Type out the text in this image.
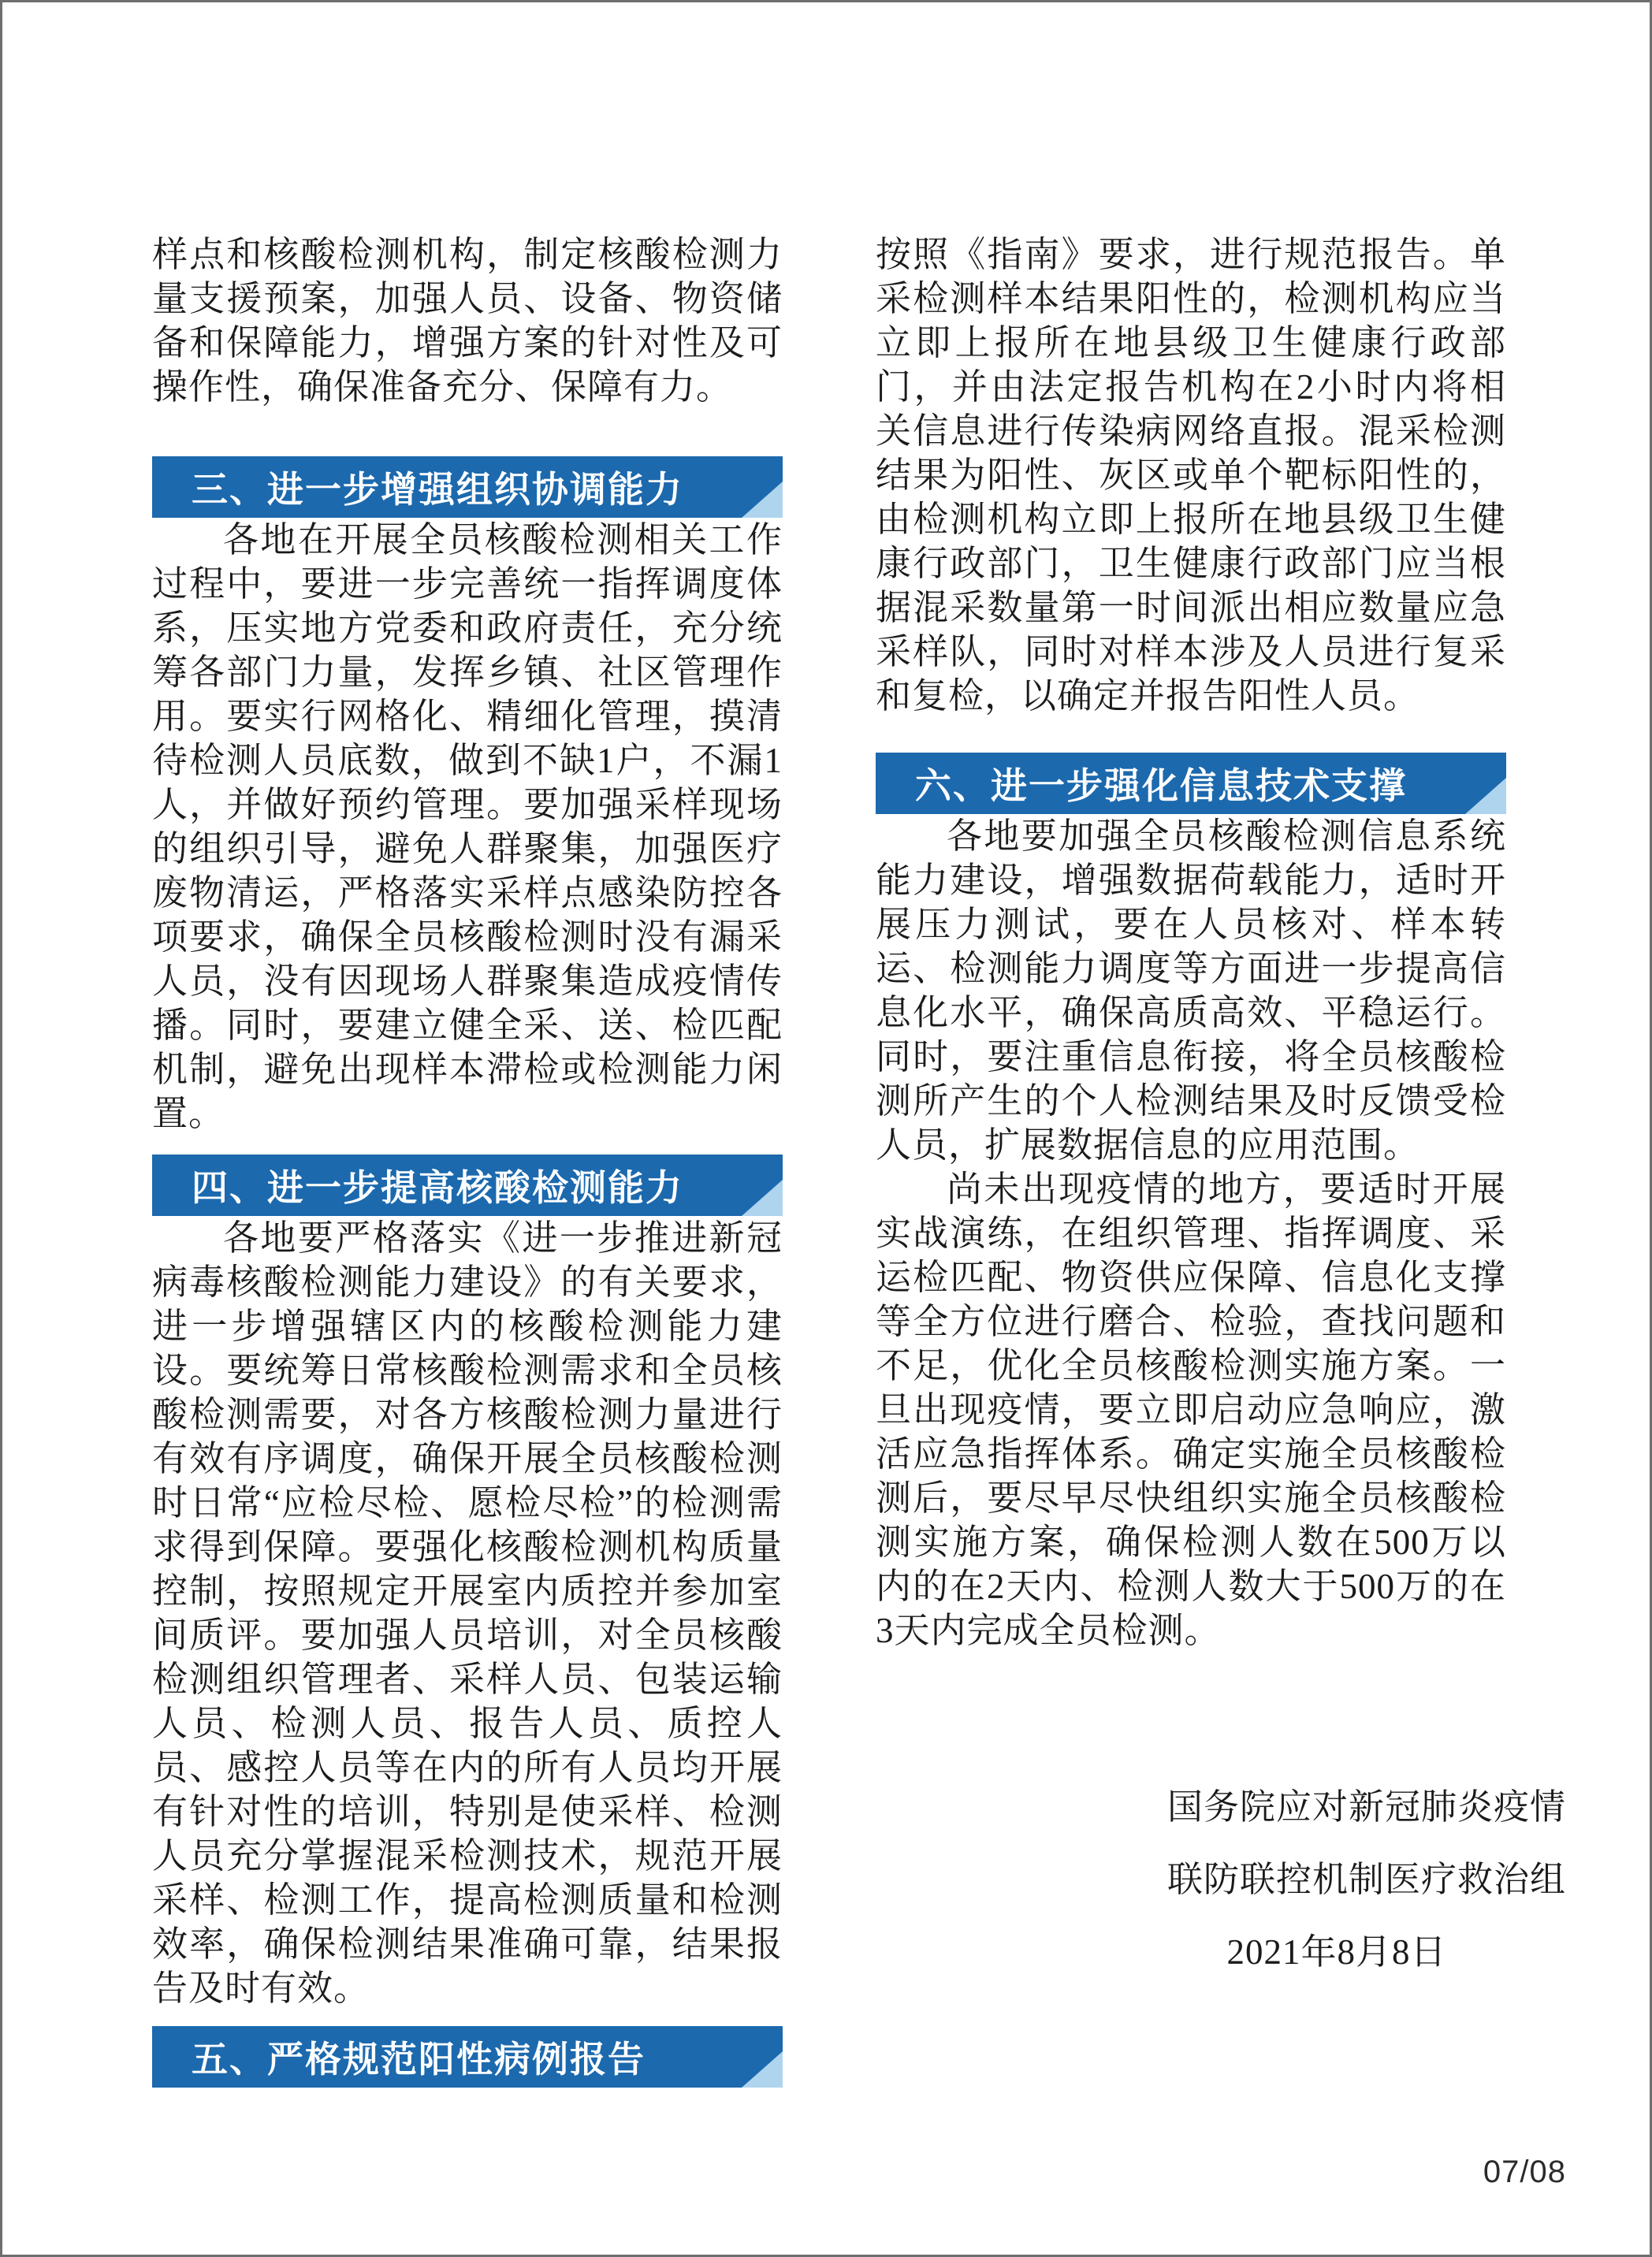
样点和核酸检测机构，制定核酸检测力量支援预案，加强人员、设备、物资储备和保障能力，增强方案的针对性及可操作性，确保准备充分、保障有力。

三、进一步增强组织协调能力

各地在开展全员核酸检测相关工作过程中，要进一步完善统一指挥调度体系，压实地方党委和政府责任，充分统筹各部门力量，发挥乡镇、社区管理作用。要实行网格化、精细化管理，摸清待检测人员底数，做到不缺1户，不漏1人，并做好预约管理。要加强采样现场的组织引导，避免人群聚集，加强医疗废物清运，严格落实采样点感染防控各项要求，确保全员核酸检测时没有漏采人员，没有因现场人群聚集造成疫情传播。同时，要建立健全采、送、检匹配机制，避免出现样本滞检或检测能力闲置。

四、进一步提高核酸检测能力

各地要严格落实《进一步推进新冠病毒核酸检测能力建设》的有关要求，进一步增强辖区内的核酸检测能力建设。要统筹日常核酸检测需求和全员核酸检测需要，对各方核酸检测力量进行有效有序调度，确保开展全员核酸检测时日常“应检尽检、愿检尽检”的检测需求得到保障。要强化核酸检测机构质量控制，按照规定开展室内质控并参加室间质评。要加强人员培训，对全员核酸检测组织管理者、采样人员、包装运输人员、检测人员、报告人员、质控人员、感控人员等在内的所有人员均开展有针对性的培训，特别是使采样、检测人员充分掌握混采检测技术，规范开展采样、检测工作，提高检测质量和检测效率，确保检测结果准确可靠，结果报告及时有效。

五、严格规范阳性病例报告

按照《指南》要求，进行规范报告。单采检测样本结果阳性的，检测机构应当立即上报所在地县级卫生健康行政部门，并由法定报告机构在2小时内将相关信息进行传染病网络直报。混采检测结果为阳性、灰区或单个靶标阳性的，由检测机构立即上报所在地县级卫生健康行政部门，卫生健康行政部门应当根据混采数量第一时间派出相应数量应急采样队，同时对样本涉及人员进行复采和复检，以确定并报告阳性人员。

六、进一步强化信息技术支撑

各地要加强全员核酸检测信息系统能力建设，增强数据荷载能力，适时开展压力测试，要在人员核对、样本转运、检测能力调度等方面进一步提高信息化水平，确保高质高效、平稳运行。同时，要注重信息衔接，将全员核酸检测所产生的个人检测结果及时反馈受检人员，扩展数据信息的应用范围。

尚未出现疫情的地方，要适时开展实战演练，在组织管理、指挥调度、采运检匹配、物资供应保障、信息化支撑等全方位进行磨合、检验，查找问题和不足，优化全员核酸检测实施方案。一旦出现疫情，要立即启动应急响应，激活应急指挥体系。确定实施全员核酸检测后，要尽早尽快组织实施全员核酸检测实施方案，确保检测人数在500万以内的在2天内、检测人数大于500万的在3天内完成全员检测。

国务院应对新冠肺炎疫情
联防联控机制医疗救治组
2021年8月8日
07/08
